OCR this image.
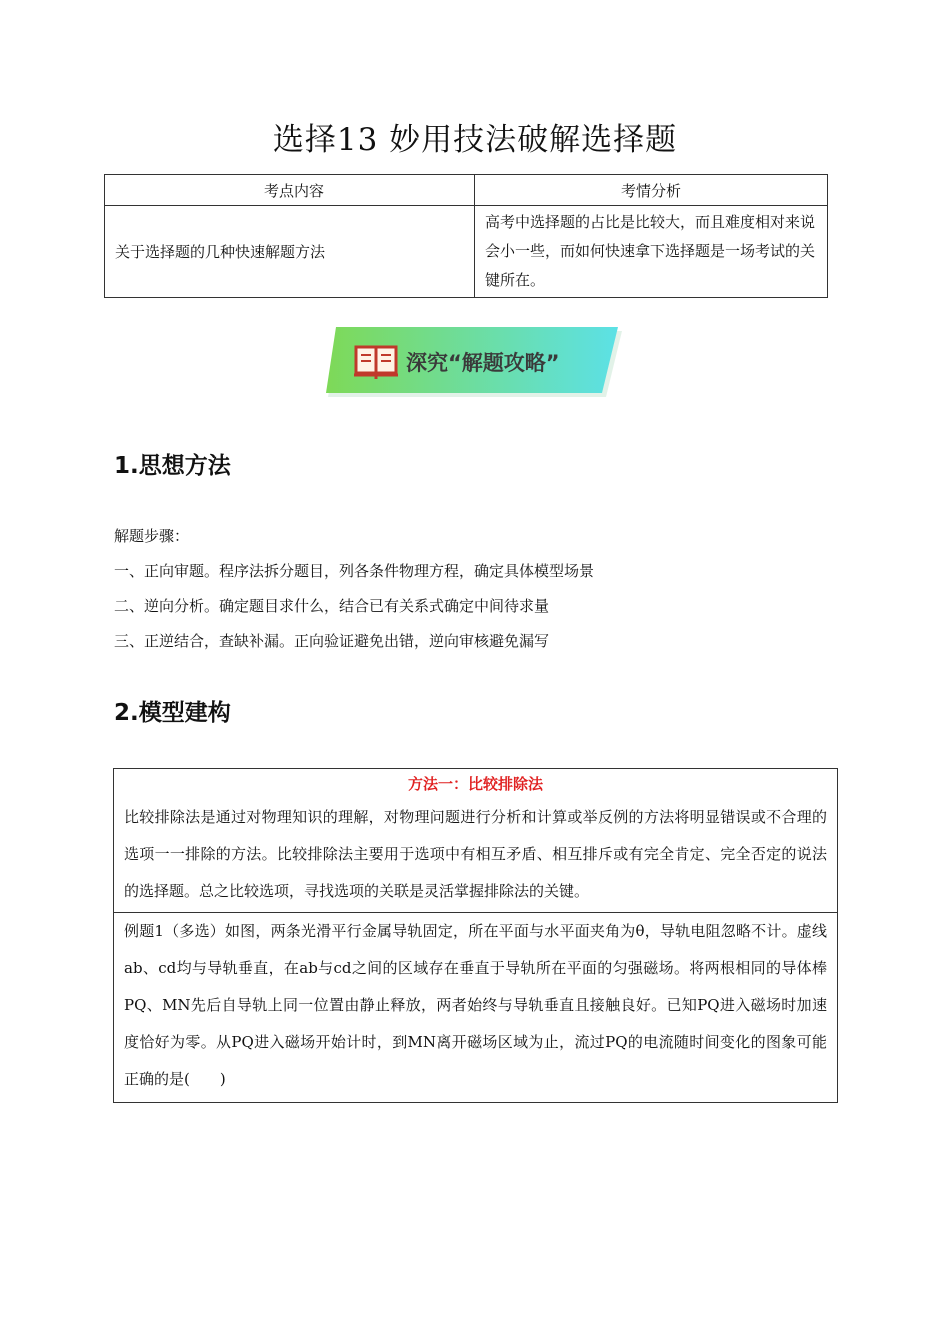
选择13 妙用技法破解选择题
考点内容	考情分析
关于选择题的几种快速解题方法	高考中选择题的占比是比较大，而且难度相对来说会小一些，而如何快速拿下选择题是一场考试的关键所在。
深究“解题攻略”
1.思想方法
解题步骤：
一、正向审题。程序法拆分题目，列各条件物理方程，确定具体模型场景
二、逆向分析。确定题目求什么，结合已有关系式确定中间待求量
三、正逆结合，查缺补漏。正向验证避免出错，逆向审核避免漏写
2.模型建构
方法一：比较排除法
比较排除法是通过对物理知识的理解，对物理问题进行分析和计算或举反例的方法将明显错误或不合理的选项一一排除的方法。比较排除法主要用于选项中有相互矛盾、相互排斥或有完全肯定、完全否定的说法的选择题。总之比较选项，寻找选项的关联是灵活掌握排除法的关键。
例题1（多选）如图，两条光滑平行金属导轨固定，所在平面与水平面夹角为θ，导轨电阻忽略不计。虚线ab、cd均与导轨垂直，在ab与cd之间的区域存在垂直于导轨所在平面的匀强磁场。将两根相同的导体棒PQ、MN先后自导轨上同一位置由静止释放，两者始终与导轨垂直且接触良好。已知PQ进入磁场时加速度恰好为零。从PQ进入磁场开始计时，到MN离开磁场区域为止，流过PQ的电流随时间变化的图象可能正确的是(　　)
